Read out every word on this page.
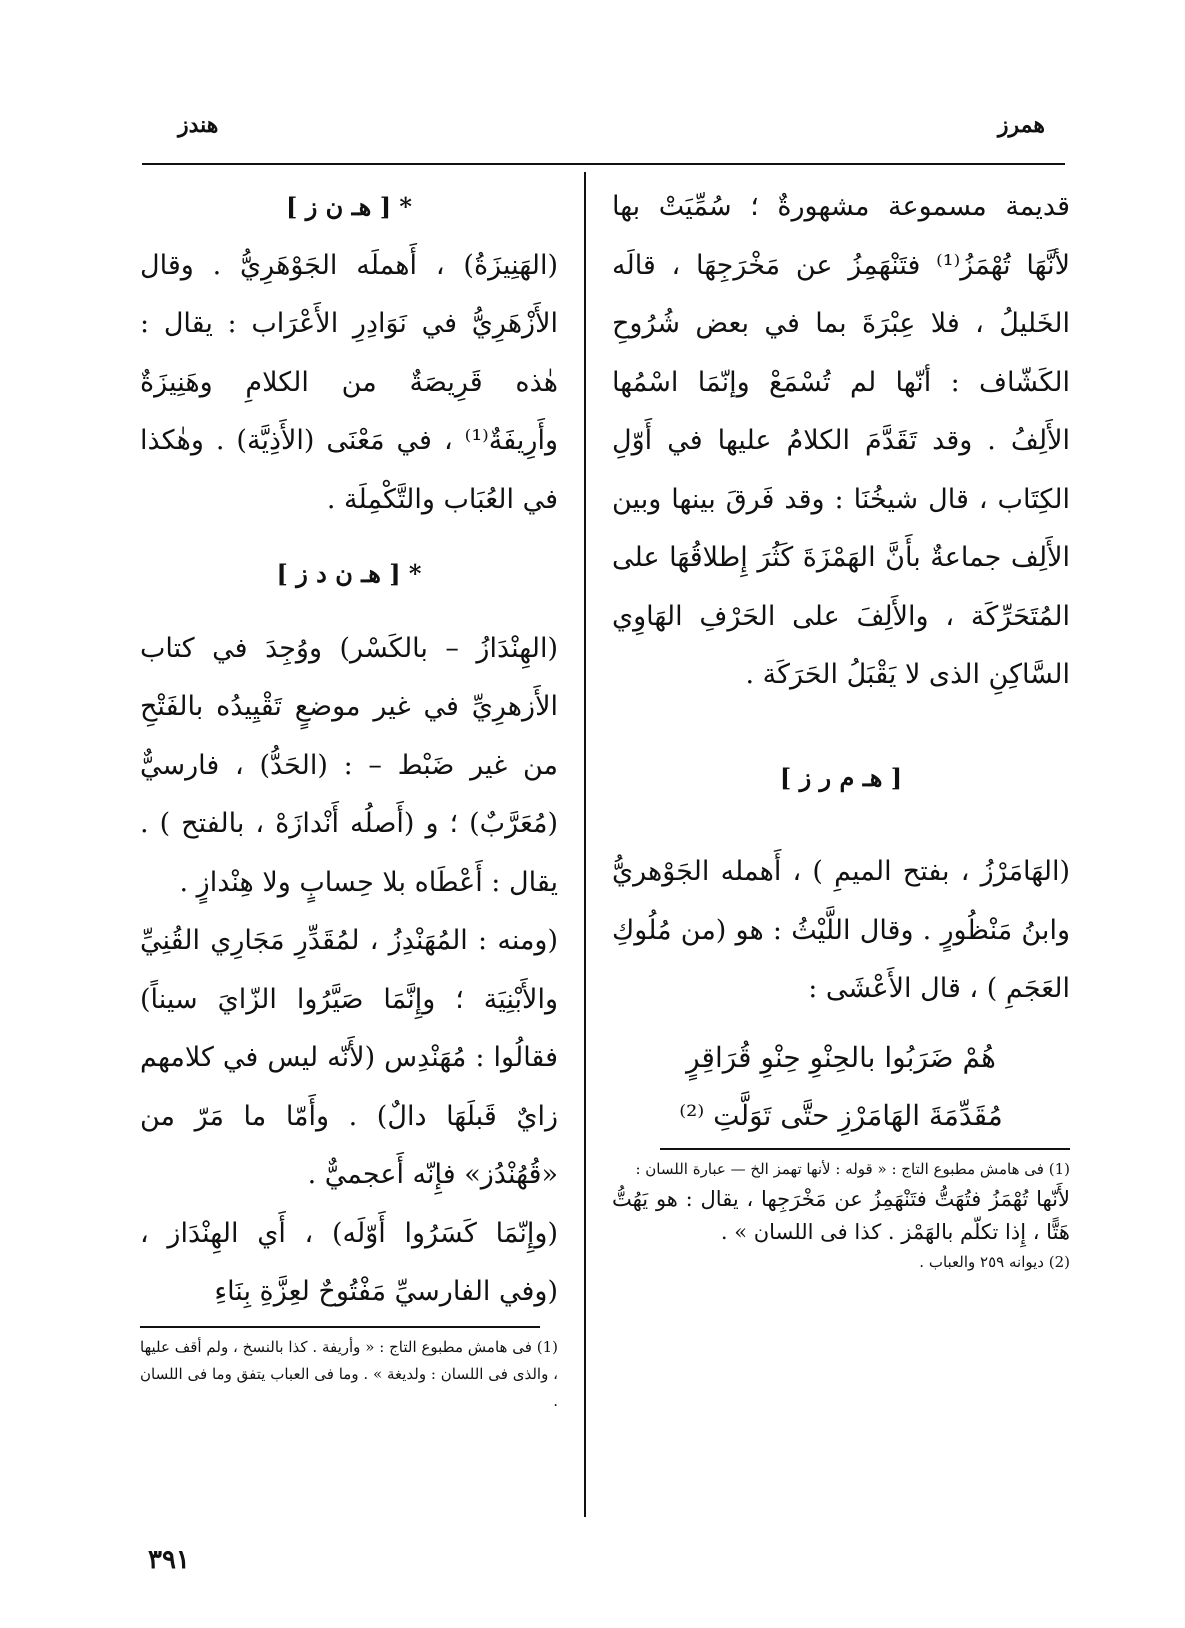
همرز
هندز

قديمة مسموعة مشهورةٌ ؛ سُمِّيَتْ بها لأنَّهَا تُهْمَزُ⁽¹⁾ فتَنْهَمِزُ عن مَخْرَجِهَا ، قالَه الخَليلُ ، فلا عِبْرَةَ بما في بعض شُرُوحِ الكَشّاف : أنّها لم تُسْمَعْ وإنّمَا اسْمُها الأَلِفُ . وقد تَقَدَّمَ الكلامُ عليها في أَوّلِ الكِتَاب ، قال شيخُنَا : وقد فَرقَ بينها وبين الأَلِف جماعةٌ بأَنَّ الهَمْزَةَ كَثُرَ إِطلاقُهَا على المُتَحَرِّكَة ، والأَلِفَ على الحَرْفِ الهَاوِي السَّاكِنِ الذى لا يَقْبَلُ الحَرَكَة .

[ هـ م ر ز ]

(الهَامَرْزُ ، بفتح الميمِ ) ، أَهمله الجَوْهريُّ وابنُ مَنْظُورٍ . وقال اللَّيْثُ : هو (من مُلُوكِ العَجَمِ ) ، قال الأَعْشَى :

هُمْ ضَرَبُوا بالحِنْوِ حِنْوِ قُرَاقِرٍ

مُقَدِّمَةَ الهَامَرْزِ حتَّى تَوَلَّتِ ⁽²⁾

(1) فى هامش مطبوع التاج : « قوله : لأنها تهمز الخ — عبارة اللسان :

لأَنّها تُهْمَزُ فتُهَتُّ فتَنْهَمِزُ عن مَخْرَجِها ، يقال : هو يَهُتُّ هَتًّا ، إِذا تكلّم بالهَمْز . كذا فى اللسان » .

(2) ديوانه ٢٥٩ والعباب .

* [ هـ ن ز ]

(الهَنِيزَةُ) ، أَهملَه الجَوْهَرِيُّ . وقال الأَزْهَرِيُّ في نَوَادِرِ الأَعْرَاب : يقال : هٰذه قَرِيصَةٌ من الكلامِ وهَنِيزَةٌ وأَرِيفَةٌ⁽¹⁾ ، في مَعْنَى (الأَذِيَّة) . وهٰكذا في العُبَاب والتَّكْمِلَة .

* [ هـ ن د ز ]

(الهِنْدَازُ – بالكَسْر) ووُجِدَ في كتاب الأَزهرِيِّ في غير موضعٍ تَقْيِيدُه بالفَتْحِ من غير ضَبْط – : (الحَدُّ) ، فارسيٌّ (مُعَرَّبٌ) ؛ و (أَصلُه أَنْدازَهْ ، بالفتح ) . يقال : أَعْطَاه بلا حِسابٍ ولا هِنْدازٍ .

(ومنه : المُهَنْدِزُ ، لمُقَدِّرِ مَجَارِي القُنِيِّ والأَبْنِيَة ؛ وإِنَّمَا صَيَّرُوا الزّايَ سيناً) فقالُوا : مُهَنْدِس (لأَنّه ليس في كلامهم زايٌ قَبلَهَا دالٌ) . وأَمّا ما مَرّ من «قُهُنْدُز» فإِنّه أَعجميٌّ .

(وإِنّمَا كَسَرُوا أَوّلَه) ، أَي الهِنْدَاز ، (وفي الفارسيِّ مَفْتُوحٌ لعِزَّةِ بِنَاءِ

(1) فى هامش مطبوع التاج : « وأريفة . كذا بالنسخ ، ولم أقف عليها ، والذى فى اللسان : ولديغة » . وما فى العباب يتفق وما فى اللسان .

٣٩١
